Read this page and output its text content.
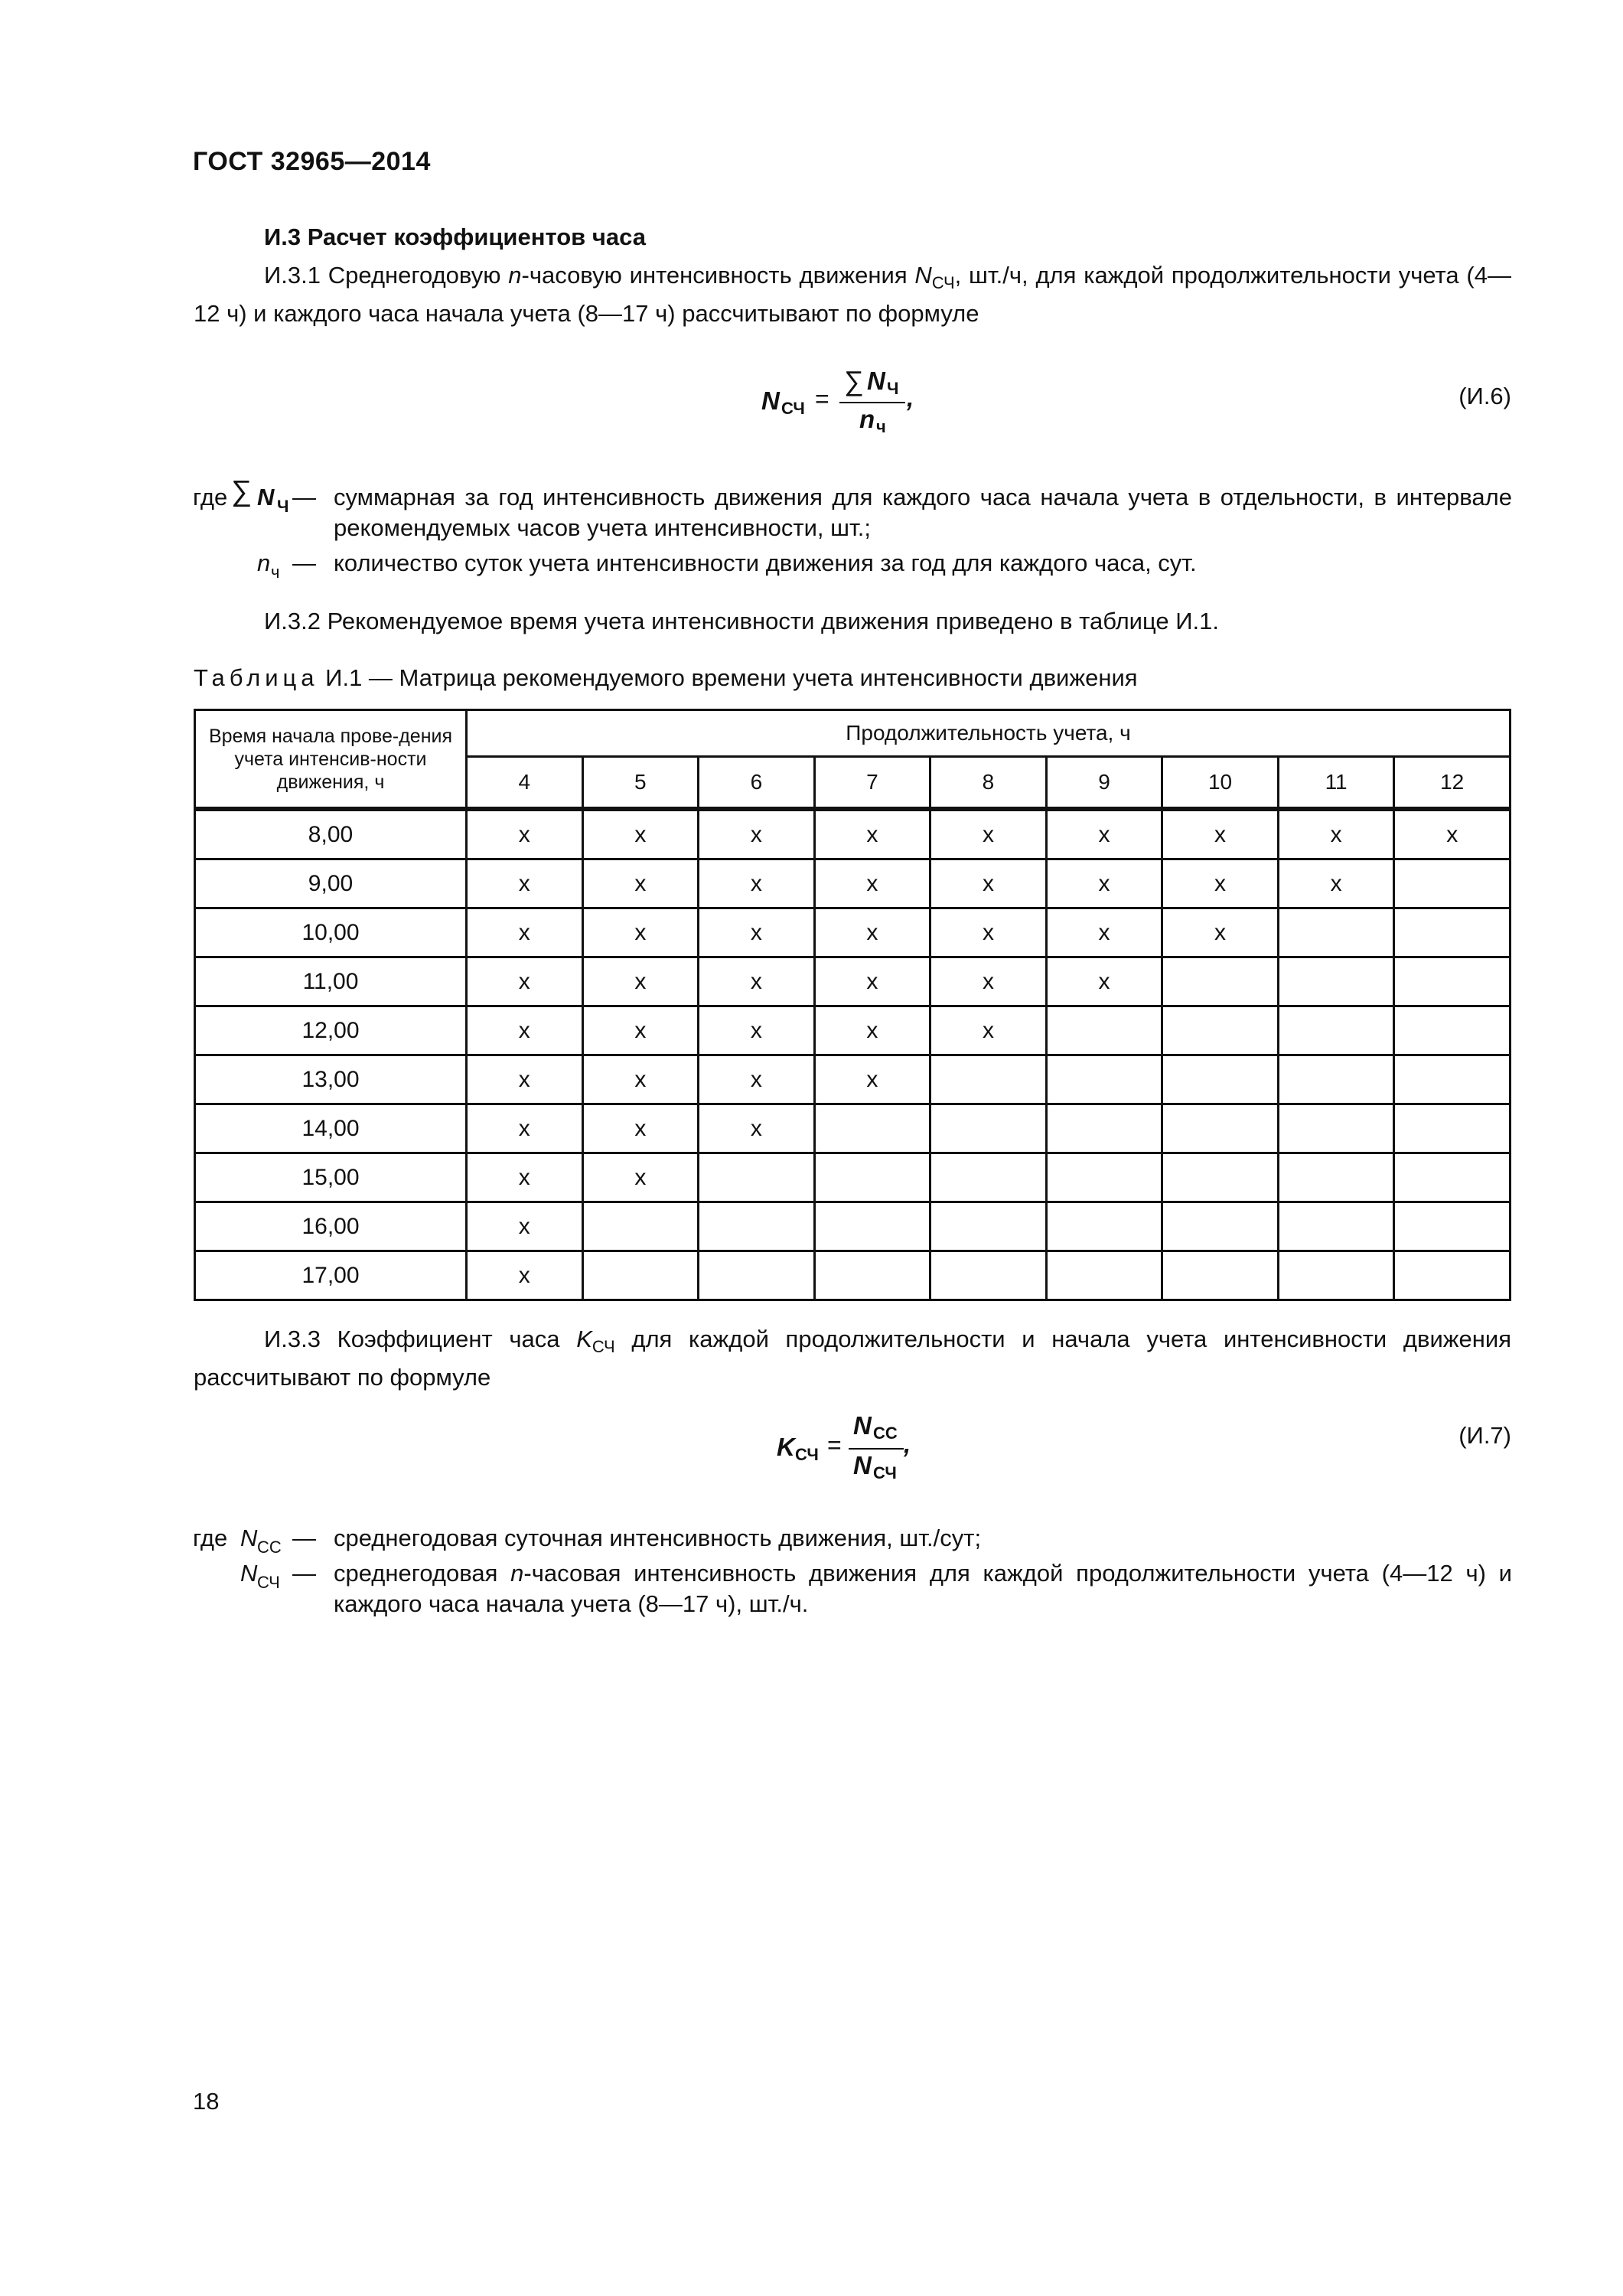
ГОСТ 32965—2014
И.3 Расчет коэффициентов часа
И.3.1 Среднегодовую n-часовую интенсивность движения $N_{СЧ}$, шт./ч, для каждой продолжительности учета (4—12 ч) и каждого часа начала учета (8—17 ч) рассчитывают по формуле
N СЧ =
∑ N Ч
n ч
,	(И.6)
где ∑ N Ч — суммарная за год интенсивность движения для каждого часа начала учета в отдельности, в интервале рекомендуемых часов учета интенсивности, шт.;
n ч — количество суток учета интенсивности движения за год для каждого часа, сут.
И.3.2 Рекомендуемое время учета интенсивности движения приведено в таблице И.1.
Таблица И.1 — Матрица рекомендуемого времени учета интенсивности движения
Время начала прове-дения учета интенсив-ности движения, ч	Продолжительность учета, ч								
	4	5	6	7	8	9	10	11	12
8,00	х	х	х	х	х	х	х	х	х
9,00	х	х	х	х	х	х	х	х	
10,00	х	х	х	х	х	х	х		
11,00	х	х	х	х	х	х			
12,00	х	х	х	х	х				
13,00	х	х	х	х					
14,00	х	х	х						
15,00	х	х							
16,00	х								
17,00	х								
И.3.3 Коэффициент часа $K_{СЧ}$ для каждой продолжительности и начала учета интенсивности движения рассчитывают по формуле
K СЧ =
N СС
N СЧ
,	(И.7)
где N СС — среднегодовая суточная интенсивность движения, шт./сут;
N СЧ — среднегодовая n-часовая интенсивность движения для каждой продолжительности учета (4—12 ч) и каждого часа начала учета (8—17 ч), шт./ч.
18
